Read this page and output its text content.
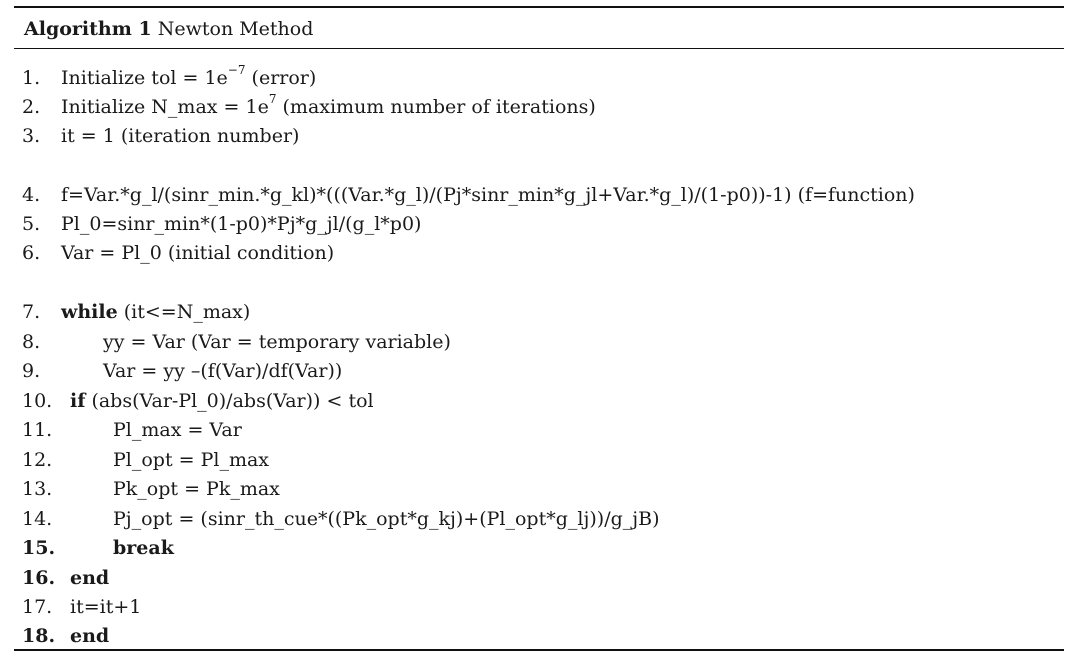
Algorithm 1 Newton Method
1.	Initialize tol = $1e^{-7}$ (error)
2.	Initialize N_max = $1e^7$ (maximum number of iterations)
3.	it = 1 (iteration number)
4.	f=Var.*g_l/(sinr_min.*g_kl)*(((Var.*g_l)/(Pj*sinr_min*g_jl+Var.*g_l)/(1-p0))-1) (f=function)
5.	Pl_0=sinr_min*(1-p0)*Pj*g_jl/(g_l*p0)
6.	Var = Pl_0 (initial condition)
7.	while (it<=N_max)
8.	yy = Var (Var = temporary variable)
9.	Var = yy –(f(Var)/df(Var))
10. if (abs(Var-Pl_0)/abs(Var)) < tol
11.	Pl_max = Var
12.	Pl_opt = Pl_max
13.	Pk_opt = Pk_max
14.	Pj_opt = (sinr_th_cue*((Pk_opt*g_kj)+(Pl_opt*g_lj))/g_jB)
15.	break
16. end
17. it=it+1
18. end
